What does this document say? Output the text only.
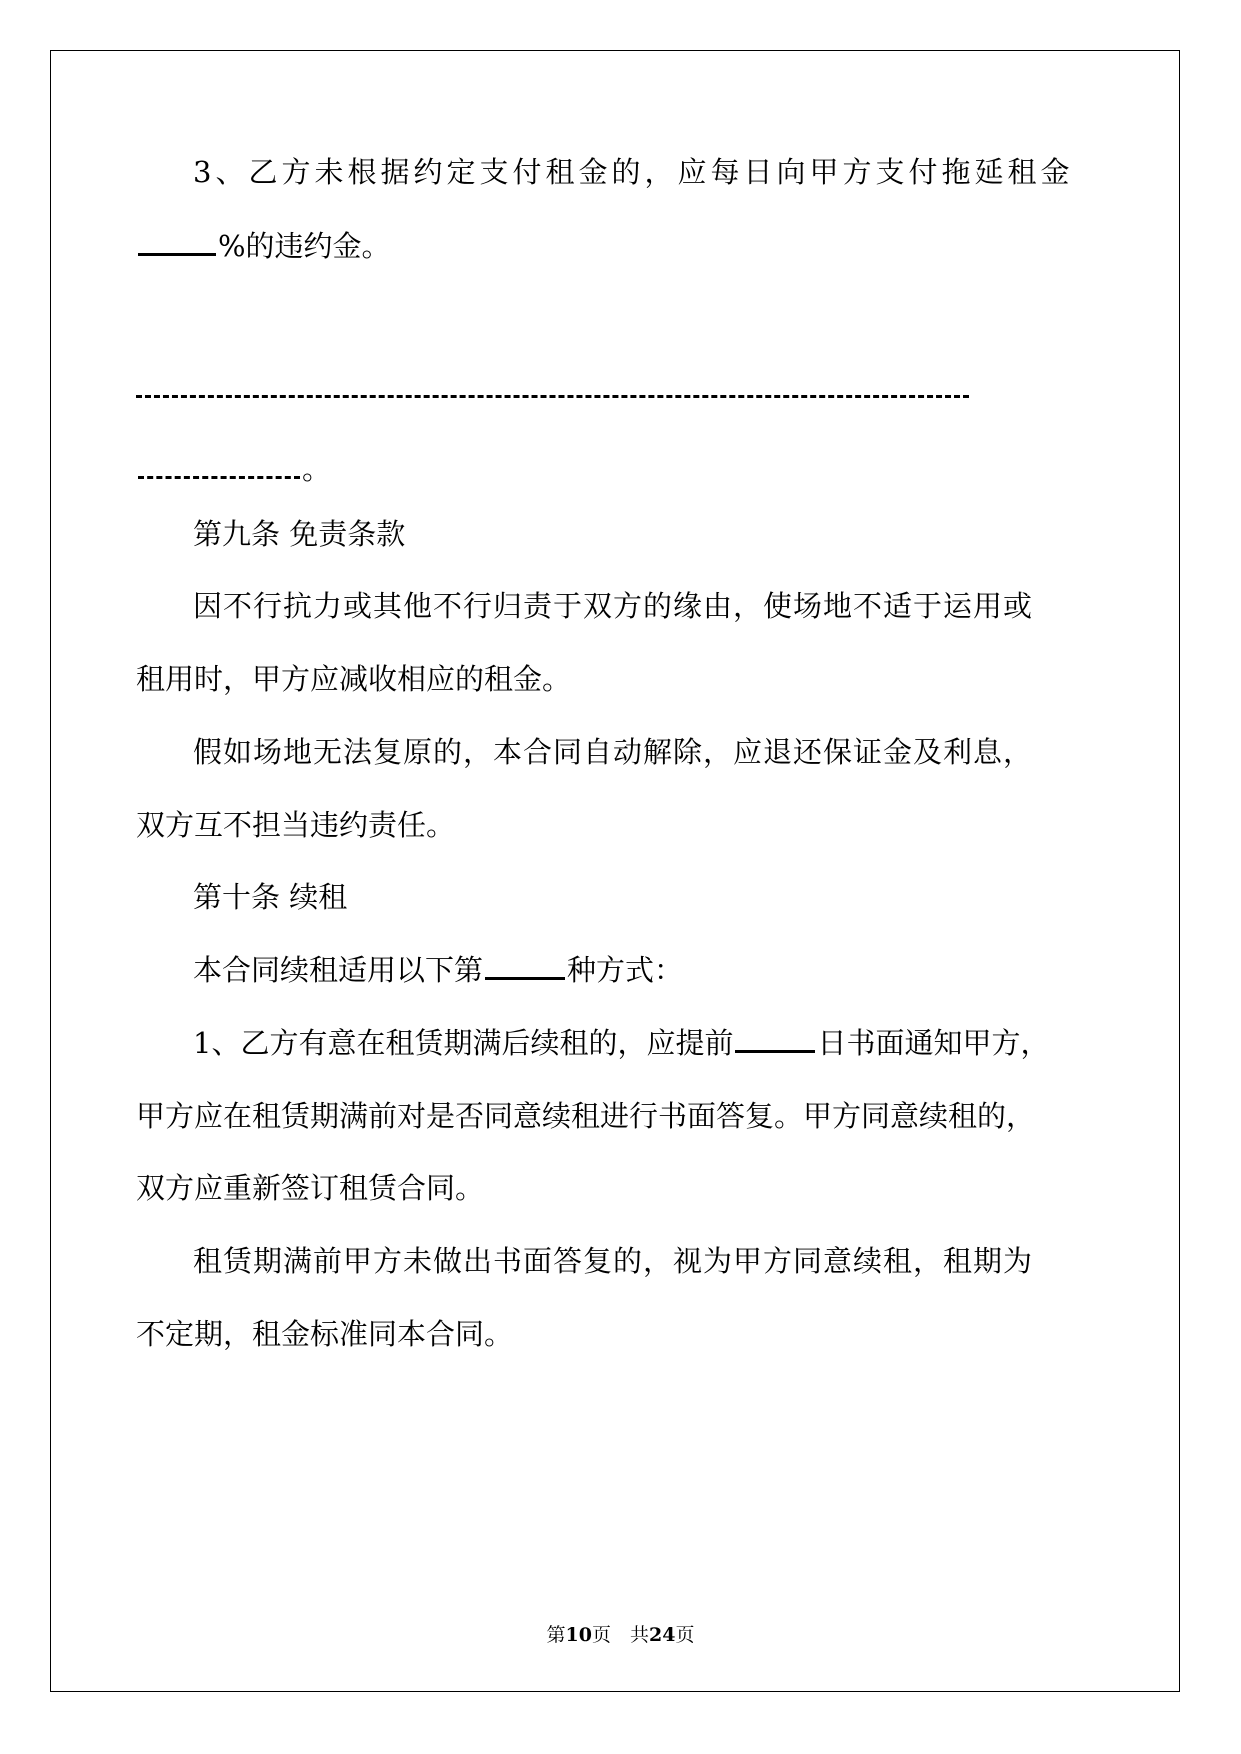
3、乙方未根据约定支付租金的，应每日向甲方支付拖延租金

%的违约金。

。

第九条 免责条款

因不行抗力或其他不行归责于双方的缘由，使场地不适于运用或

租用时，甲方应减收相应的租金。

假如场地无法复原的，本合同自动解除，应退还保证金及利息，

双方互不担当违约责任。

第十条 续租

本合同续租适用以下第	种方式：

1、乙方有意在租赁期满后续租的，应提前	日书面通知甲方，

甲方应在租赁期满前对是否同意续租进行书面答复。甲方同意续租的，

双方应重新签订租赁合同。

租赁期满前甲方未做出书面答复的，视为甲方同意续租，租期为

不定期，租金标准同本合同。

第10页　共24页
